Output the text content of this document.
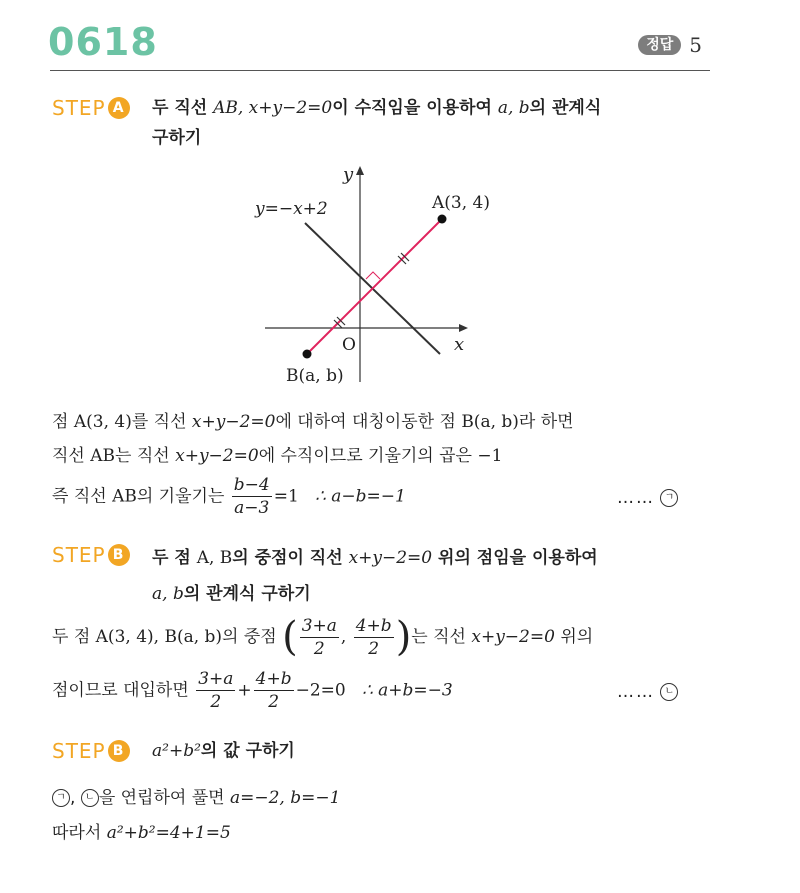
0618	정답 5
STEP A 두 직선 AB, x+y−2=0이 수직임을 이용하여 a, b의 관계식
구하기
y
x
O
y=−x+2	A(3, 4)
B(a, b)
점 A(3, 4)를 직선 x+y−2=0에 대하여 대칭이동한 점 B(a, b)라 하면
직선 AB는 직선 x+y−2=0에 수직이므로 기울기의 곱은 −1
즉 직선 AB의 기울기는 $\frac{b-4}{a-3} =1$ ∴ a−b=−1	…… ㄱ
STEP B	두 점 A, B의 중점이 직선 x+y−2=0 위의 점임을 이용하여
a, b의 관계식 구하기
두 점 A(3, 4), B(a, b)의 중점 ( $\frac{3+a}{2}$ , $\frac{4+b}{2}$ )는 직선 x+y−2=0 위의
점이므로 대입하면 $\frac{3+a}{2} + \frac{4+b}{2} -2=0$ ∴ a+b=−3	…… ㄴ
STEP B	a²+b²의 값 구하기
ㄱ , ㄴ 을 연립하여 풀면 a=−2, b=−1
따라서 a²+b²=4+1=5
